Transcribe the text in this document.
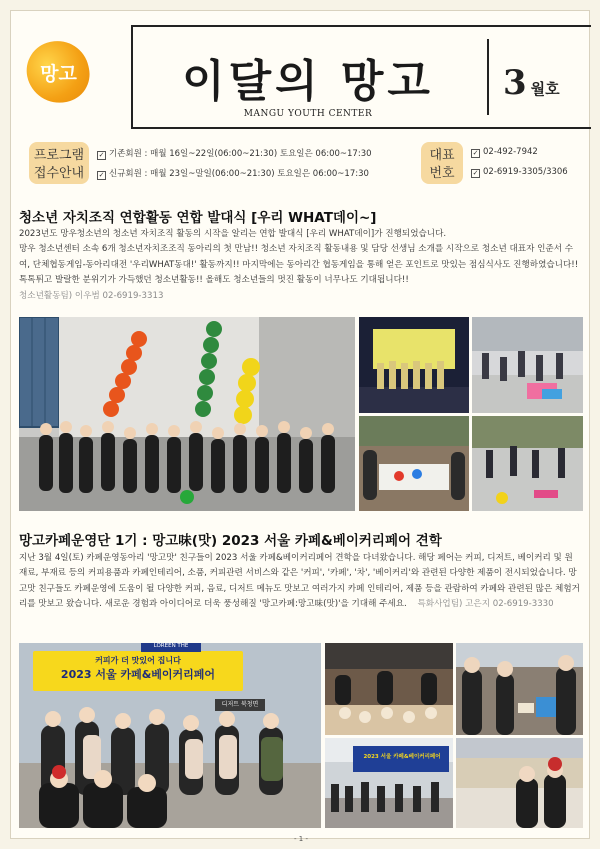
망고	이달의 망고
MANGU YOUTH CENTER
3 월호
프로그램
접수안내
✓ 기존회원 : 매월 16일~22일(06:00~21:30) 토요일은 06:00~17:30
✓ 신규회원 : 매월 23일~말일(06:00~21:30) 토요일은 06:00~17:30
대표
번호
✓ 02-492-7942
✓ 02-6919-3305/3306
청소년 자치조직 연합활동 연합 발대식 [우리 WHAT데이~]
2023년도 망우청소년의 청소년 자치조직 활동의 시작을 알리는 연합 발대식 [우리 WHAT데이]가 진행되었습니다.
망우 청소년센터 소속 6개 청소년자치조조직 동아리의 첫 만남!! 청소년 자치조직 활동내용 및 담당 선생님 소개를 시작으로 청소년 대표자 인준서 수여, 단체협동게임-동아리대전 '우리WHAT동대!' 활동까지!! 마지막에는 동아리간 협동게임을 통해 얻은 포인트로 맛있는 점심식사도 진행하였습니다!! 톡톡튀고 발랄한 분위기가 가득했던 청소년활동!! 올해도 청소년들의 멋진 활동이 너무나도 기대됩니다!!
청소년활동팀) 이우범 02-6919-3313
망고카페운영단 1기 : 망고味(맛) 2023 서울 카페&베이커리페어 견학
지난 3월 4일(토) 카페운영동아리 '망고맛' 친구들이 2023 서울 카페&베이커리페어 견학을 다녀왔습니다. 해당 페어는 커피, 디저트, 베이커리 및 원재료, 부재료 등의 커피용품과 카페인테리어, 소품, 커피관련 서비스와 같은 '커피', '카페', '차', '베이커리'와 관련된 다양한 제품이 전시되었습니다. 망고맛 친구들도 카페운영에 도움이 될 다양한 커피, 음료, 디저트 메뉴도 맛보고 여러가지 카페 인테리어, 제품 등을 관람하여 카페와 관련된 많은 체험거리를 맛보고 왔습니다. 새로운 경험과 아이디어로 더욱 풍성해질 '망고카페:망고味(맛)'을 기대해 주세요. 특화사업팀) 고은지 02-6919-3330
커피가 더 맛있어 집니다
2023 서울 카페&베이커리페어
LOREEN THE
디저트 북청면
2023 서울 카페&베이커리페어
- 1 -
